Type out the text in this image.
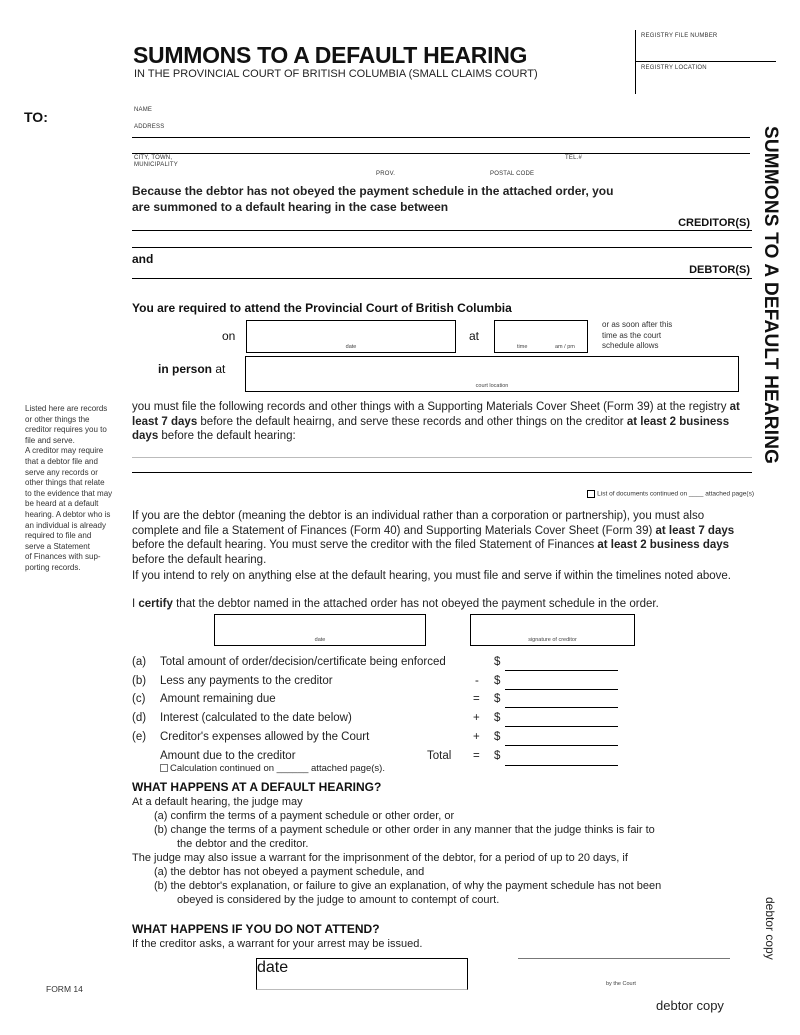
SUMMONS TO A DEFAULT HEARING
IN THE PROVINCIAL COURT OF BRITISH COLUMBIA (SMALL CLAIMS COURT)
REGISTRY FILE NUMBER
REGISTRY LOCATION
TO:	NAME
ADDRESS
CITY, TOWN,
MUNICIPALITY
TEL.#
PROV.	POSTAL CODE
Because the debtor has not obeyed the payment schedule in the attached order, you
are summoned to a default hearing in the case between
CREDITOR(S)
and
DEBTOR(S)
You are required to attend the Provincial Court of British Columbia
on
date
at
time	am / pm
or as soon after this
time as the court
schedule allows
in person at
court location
Listed here are records
or other things the
creditor requires you to
file and serve.
A creditor may require
that a debtor file and
serve any records or
other things that relate
to the evidence that may
be heard at a default
hearing. A debtor who is
an individual is already
required to file and
serve a Statement
of Finances with sup-
porting records.
you must file the following records and other things with a Supporting Materials Cover Sheet (Form 39) at the registry at least 7 days before the default heairng, and serve these records and other things on the creditor at least 2 business days before the default hearing:
List of documents continued on ____ attached page(s)
If you are the debtor (meaning the debtor is an individual rather than a corporation or partnership), you must also complete and file a Statement of Finances (Form 40) and Supporting Materials Cover Sheet (Form 39) at least 7 days before the default hearing. You must serve the creditor with the filed Statement of Finances at least 2 business days before the default hearing.
If you intend to rely on anything else at the default hearing, you must file and serve if within the timelines noted above.
I certify that the debtor named in the attached order has not obeyed the payment schedule in the order.
date	signature of creditor
(a) Total amount of order/decision/certificate being enforced	$
(b) Less any payments to the creditor	- $
(c) Amount remaining due	= $
(d) Interest (calculated to the date below)	+ $
(e) Creditor's expenses allowed by the Court	+ $
Amount due to the creditor	Total = $
Calculation continued on ______ attached page(s).
WHAT HAPPENS AT A DEFAULT HEARING?
At a default hearing, the judge may
(a) confirm the terms of a payment schedule or other order, or
(b) change the terms of a payment schedule or other order in any manner that the judge thinks is fair to
the debtor and the creditor.
The judge may also issue a warrant for the imprisonment of the debtor, for a period of up to 20 days, if
(a) the debtor has not obeyed a payment schedule, and
(b) the debtor's explanation, or failure to give an explanation, of why the payment schedule has not been
obeyed is considered by the judge to amount to contempt of court.
WHAT HAPPENS IF YOU DO NOT ATTEND?
If the creditor asks, a warrant for your arrest may be issued.
date
by the Court
FORM 14
debtor copy
SUMMONS TO A DEFAULT HEARING
debtor copy
